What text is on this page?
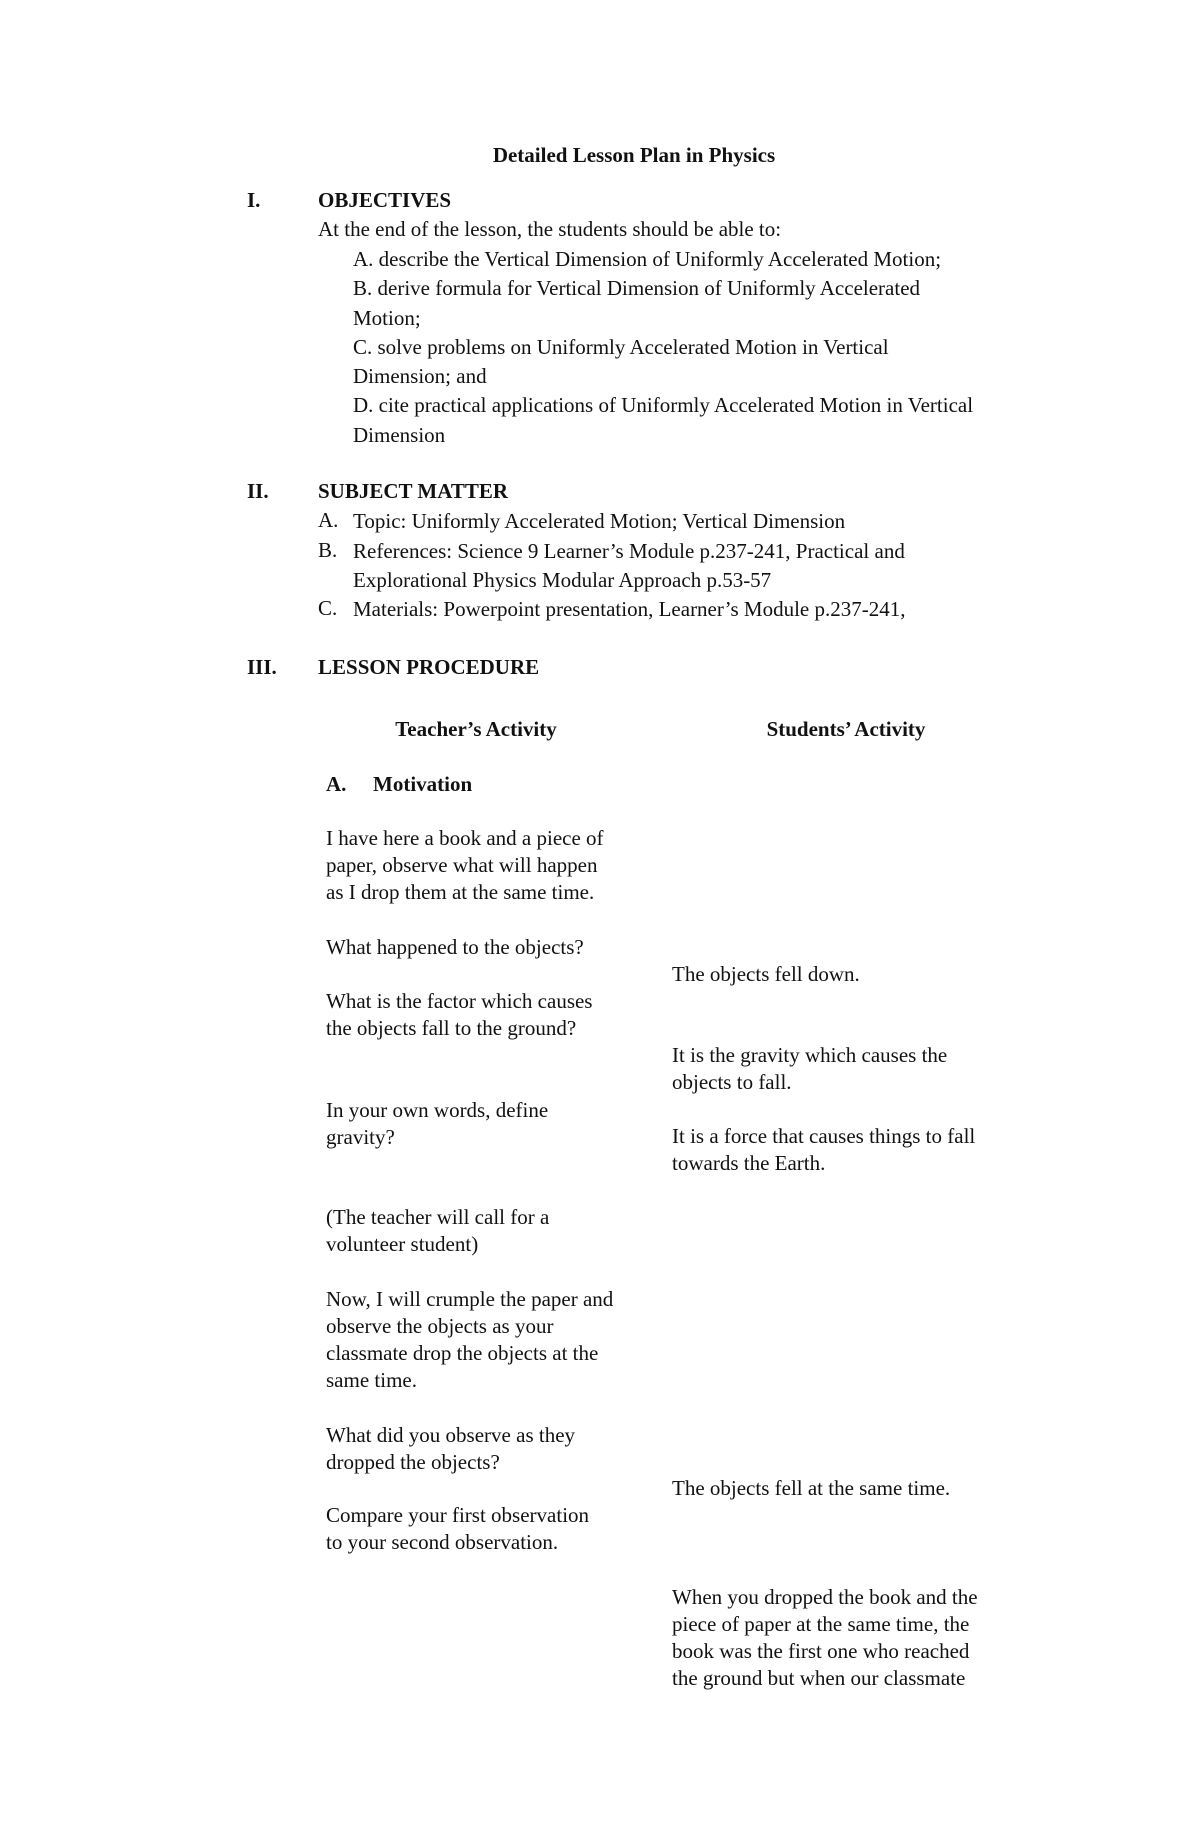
Detailed Lesson Plan in Physics
I.	OBJECTIVES
At the end of the lesson, the students should be able to:
A. describe the Vertical Dimension of Uniformly Accelerated Motion;
B. derive formula for Vertical Dimension of Uniformly Accelerated
Motion;
C. solve problems on Uniformly Accelerated Motion in Vertical
Dimension; and
D. cite practical applications of Uniformly Accelerated Motion in Vertical
Dimension
II. SUBJECT MATTER
A. Topic: Uniformly Accelerated Motion; Vertical Dimension
B. References: Science 9 Learner’s Module p.237-241, Practical and
Explorational Physics Modular Approach p.53-57
C. Materials: Powerpoint presentation, Learner’s Module p.237-241,
III. LESSON PROCEDURE
Teacher’s Activity	Students’ Activity
A. Motivation
I have here a book and a piece of
paper, observe what will happen
as I drop them at the same time.
What happened to the objects?
What is the factor which causes
the objects fall to the ground?
In your own words, define
gravity?
(The teacher will call for a
volunteer student)
Now, I will crumple the paper and
observe the objects as your
classmate drop the objects at the
same time.
What did you observe as they
dropped the objects?
Compare your first observation
to your second observation.
The objects fell down.
It is the gravity which causes the
objects to fall.
It is a force that causes things to fall
towards the Earth.
The objects fell at the same time.
When you dropped the book and the
piece of paper at the same time, the
book was the first one who reached
the ground but when our classmate
